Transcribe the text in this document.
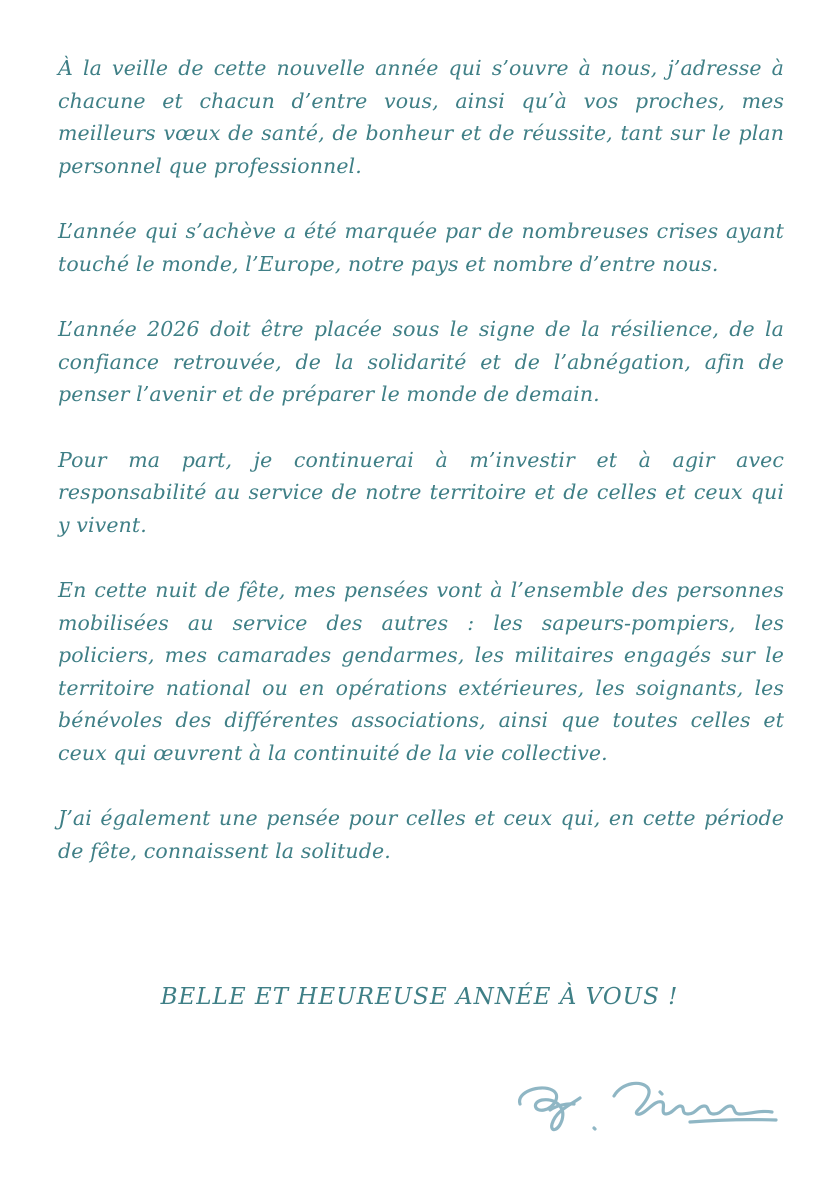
À la veille de cette nouvelle année qui s’ouvre à nous, j’adresse à chacune et chacun d’entre vous, ainsi qu’à vos proches, mes meilleurs vœux de santé, de bonheur et de réussite, tant sur le plan personnel que professionnel.

L’année qui s’achève a été marquée par de nombreuses crises ayant touché le monde, l’Europe, notre pays et nombre d’entre nous.

L’année 2026 doit être placée sous le signe de la résilience, de la confiance retrouvée, de la solidarité et de l’abnégation, afin de penser l’avenir et de préparer le monde de demain.

Pour ma part, je continuerai à m’investir et à agir avec responsabilité au service de notre territoire et de celles et ceux qui y vivent.

En cette nuit de fête, mes pensées vont à l’ensemble des personnes mobilisées au service des autres : les sapeurs-pompiers, les policiers, mes camarades gendarmes, les militaires engagés sur le territoire national ou en opérations extérieures, les soignants, les bénévoles des différentes associations, ainsi que toutes celles et ceux qui œuvrent à la continuité de la vie collective.

J’ai également une pensée pour celles et ceux qui, en cette période de fête, connaissent la solitude.

BELLE ET HEUREUSE ANNÉE À VOUS !
